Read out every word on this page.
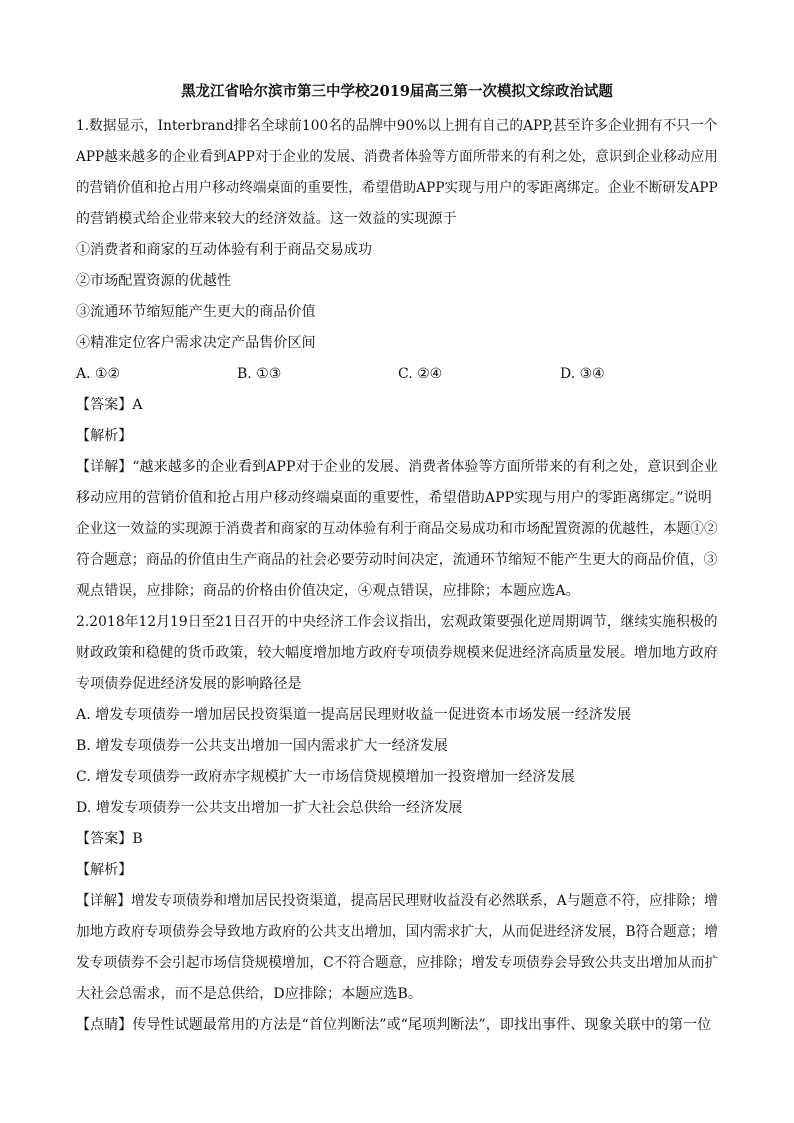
黑龙江省哈尔滨市第三中学校2019届高三第一次模拟文综政治试题
1.数据显示，Interbrand排名全球前100名的品牌中90%以上拥有自己的APP,甚至许多企业拥有不只一个
APP越来越多的企业看到APP对于企业的发展、消费者体验等方面所带来的有利之处，意识到企业移动应用
的营销价值和抢占用户移动终端桌面的重要性，希望借助APP实现与用户的零距离绑定。企业不断研发APP
的营销模式给企业带来较大的经济效益。这一效益的实现源于
①消费者和商家的互动体验有利于商品交易成功
②市场配置资源的优越性
③流通环节缩短能产生更大的商品价值
④精准定位客户需求决定产品售价区间
A. ①②	B. ①③	C. ②④	D. ③④
【答案】A
【解析】
【详解】“越来越多的企业看到APP对于企业的发展、消费者体验等方面所带来的有利之处，意识到企业
移动应用的营销价值和抢占用户移动终端桌面的重要性，希望借助APP实现与用户的零距离绑定。”说明
企业这一效益的实现源于消费者和商家的互动体验有利于商品交易成功和市场配置资源的优越性，本题①②
符合题意；商品的价值由生产商品的社会必要劳动时间决定，流通环节缩短不能产生更大的商品价值，③
观点错误，应排除；商品的价格由价值决定，④观点错误，应排除；本题应选A。
2.2018年12月19日至21日召开的中央经济工作会议指出，宏观政策要强化逆周期调节，继续实施积极的
财政政策和稳健的货币政策，较大幅度增加地方政府专项债券规模来促进经济高质量发展。增加地方政府
专项债券促进经济发展的影响路径是
A. 增发专项债券一增加居民投资渠道一提高居民理财收益一促进资本市场发展一经济发展
B. 增发专项债券一公共支出增加一国内需求扩大一经济发展
C. 增发专项债券一政府赤字规模扩大一市场信贷规模增加一投资增加一经济发展
D. 增发专项债券一公共支出增加一扩大社会总供给一经济发展
【答案】B
【解析】
【详解】增发专项债券和增加居民投资渠道，提高居民理财收益没有必然联系，A与题意不符，应排除；增
加地方政府专项债券会导致地方政府的公共支出增加，国内需求扩大，从而促进经济发展，B符合题意；增
发专项债券不会引起市场信贷规模增加，C不符合题意，应排除；增发专项债券会导致公共支出增加从而扩
大社会总需求，而不是总供给，D应排除；本题应选B。
【点睛】传导性试题最常用的方法是“首位判断法”或“尾项判断法”，即找出事件、现象关联中的第一位
